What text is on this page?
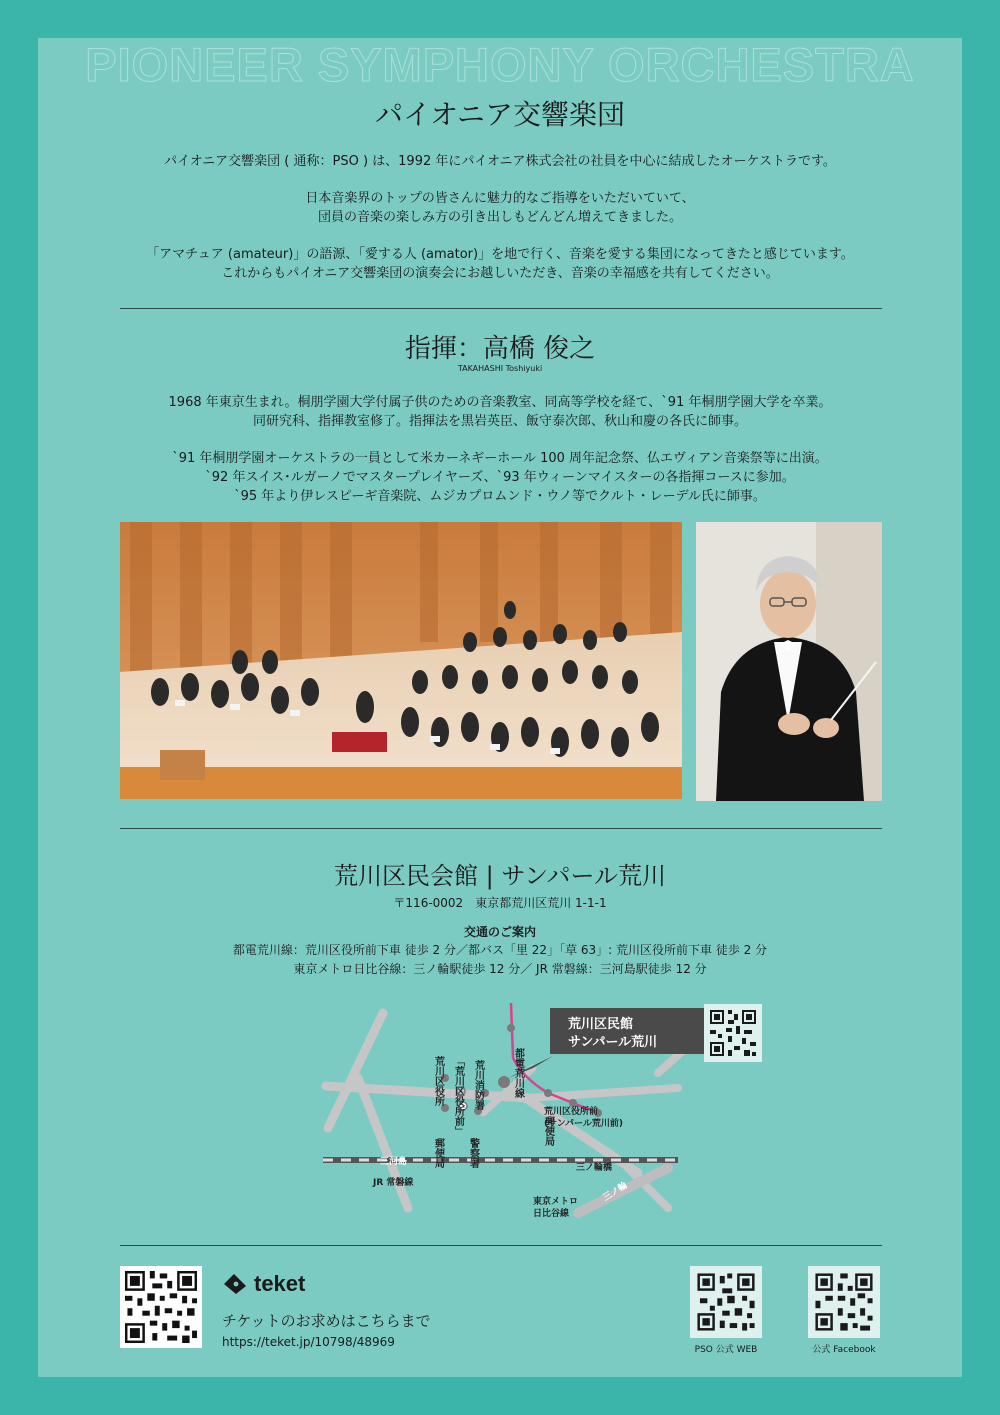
PIONEER SYMPHONY ORCHESTRA
パイオニア交響楽団
パイオニア交響楽団 ( 通称：PSO ) は、1992 年にパイオニア株式会社の社員を中心に結成したオーケストラです。
日本音楽界のトップの皆さんに魅力的なご指導をいただいていて、
団員の音楽の楽しみ方の引き出しもどんどん増えてきました。
「アマチュア (amateur)」の語源、「愛する人 (amator)」を地で行く、音楽を愛する集団になってきたと感じています。
これからもパイオニア交響楽団の演奏会にお越しいただき、音楽の幸福感を共有してください。
指揮：高橋 俊之
TAKAHASHI Toshiyuki
1968 年東京生まれ。桐朋学園大学付属子供のための音楽教室、同高等学校を経て、`91 年桐朋学園大学を卒業。
同研究科、指揮教室修了。指揮法を黒岩英臣、飯守泰次郎、秋山和慶の各氏に師事。
`91 年桐朋学園オーケストラの一員として米カーネギーホール 100 周年記念祭、仏エヴィアン音楽祭等に出演。
`92 年スイス･ルガーノでマスタープレイヤーズ、`93 年ウィーンマイスターの各指揮コースに参加。
`95 年より伊レスピーギ音楽院、ムジカプロムンド・ウノ等でクルト・レーデル氏に師事。
荒川区民会館 | サンパール荒川
〒116-0002　東京都荒川区荒川 1-1-1
交通のご案内
都電荒川線：荒川区役所前下車 徒歩 2 分／都バス「里 22」「草 63」: 荒川区役所前下車 徒歩 2 分
東京メトロ日比谷線：三ノ輪駅徒歩 12 分／ JR 常磐線：三河島駅徒歩 12 分
荒川区民館
サンパール荒川
荒川区役所 「荒川区役所前」 荒川消防署	都電荒川線
郵便局
郵便局 警察署
荒川区役所前
(サンパール荒川前)
三ノ輪橋
三河島
JR 常磐線
東京メトロ
日比谷線
三ノ輪
teket
チケットのお求めはこちらまで
https://teket.jp/10798/48969
PSO 公式 WEB	公式 Facebook
